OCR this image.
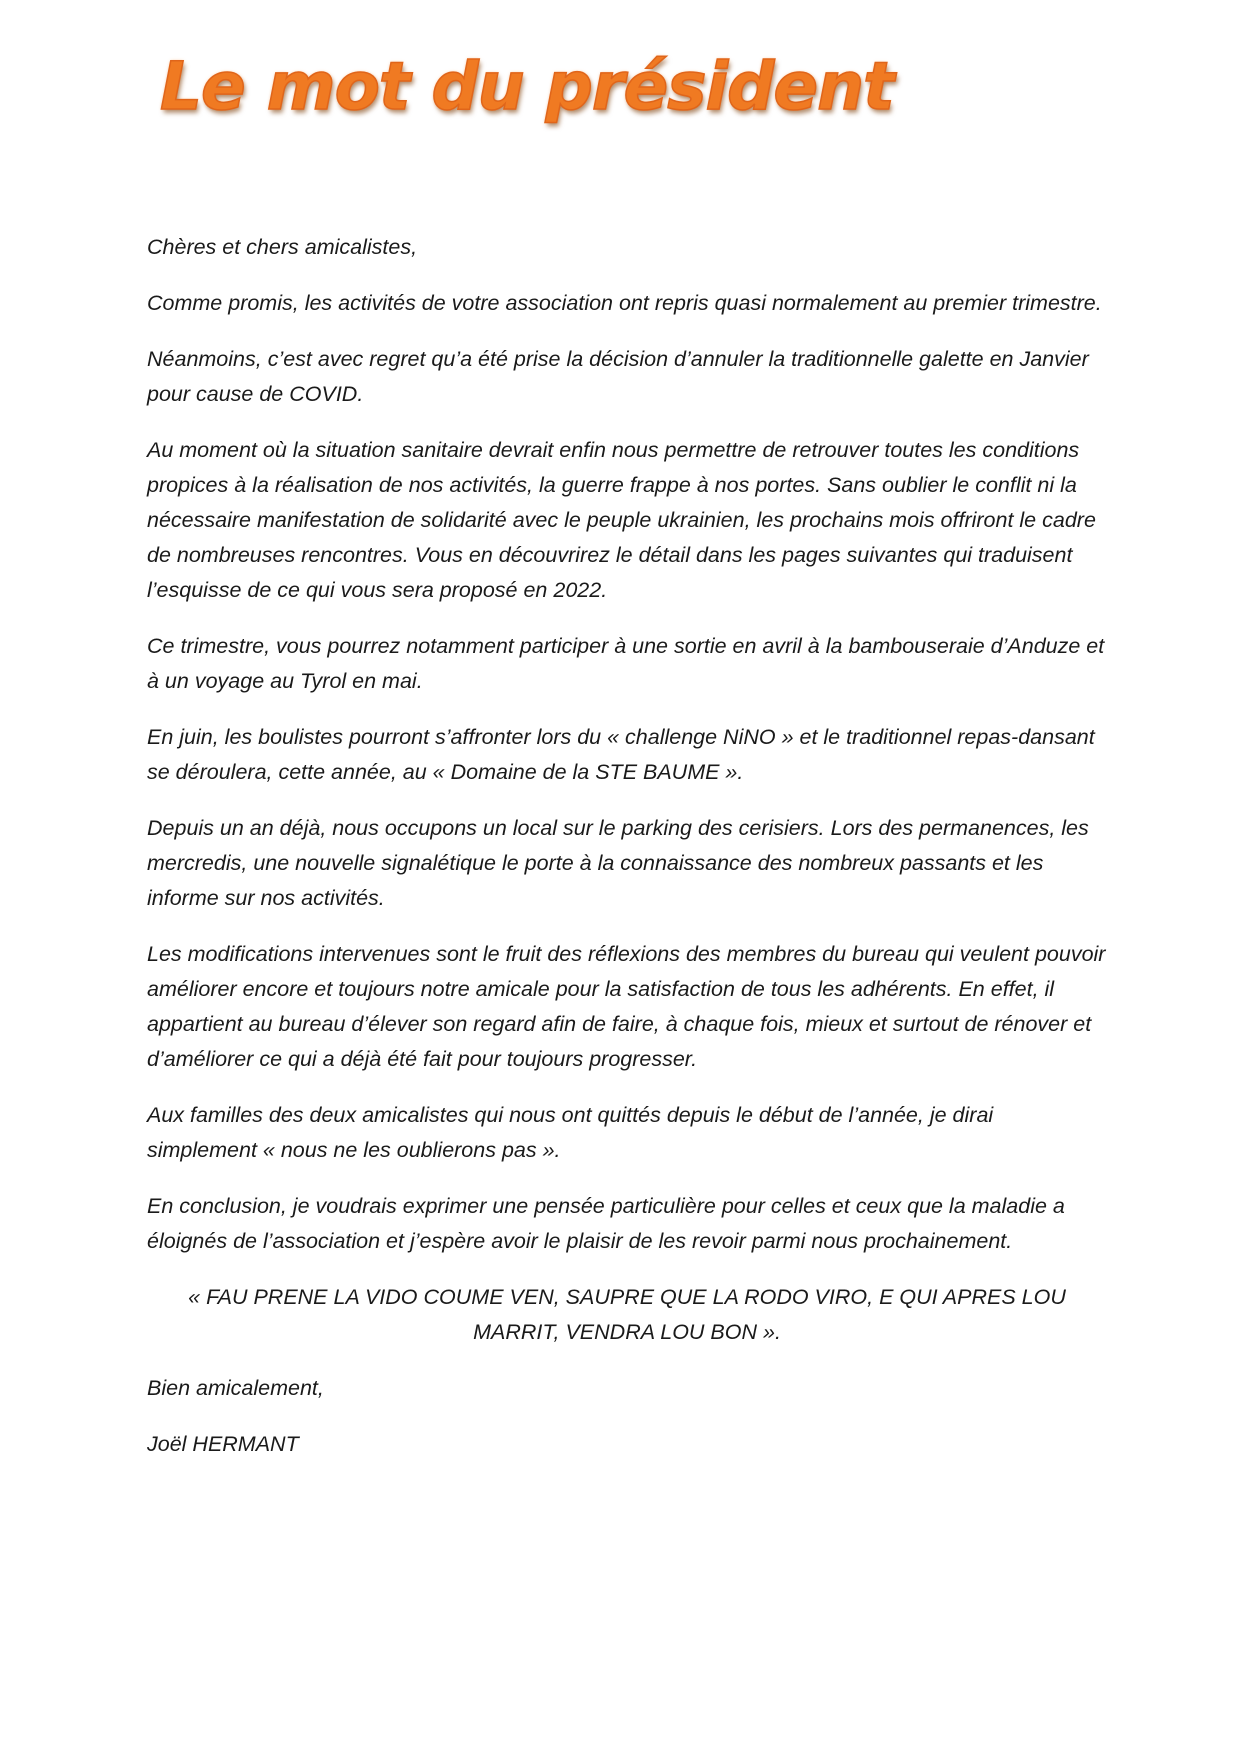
Le mot du président

Chères et chers amicalistes,

Comme promis, les activités de votre association ont repris quasi normalement au premier trimestre.

Néanmoins, c’est avec regret qu’a été prise la décision d’annuler la traditionnelle galette en Janvier pour cause de COVID.

Au moment où la situation sanitaire devrait enfin nous permettre de retrouver toutes les conditions propices à la réalisation de nos activités, la guerre frappe à nos portes. Sans oublier le conflit ni la nécessaire manifestation de solidarité avec le peuple ukrainien, les prochains mois offriront le cadre de nombreuses rencontres. Vous en découvrirez le détail dans les pages suivantes qui traduisent l’esquisse de ce qui vous sera proposé en 2022.

Ce trimestre, vous pourrez notamment participer à une sortie en avril à la bambouseraie d’Anduze et à un voyage au Tyrol en mai.

En juin, les boulistes pourront s’affronter lors du « challenge NiNO » et le traditionnel repas-dansant se déroulera, cette année, au « Domaine de la STE BAUME ».

Depuis un an déjà, nous occupons un local sur le parking des cerisiers. Lors des permanences, les mercredis, une nouvelle signalétique le porte à la connaissance des nombreux passants et les informe sur nos activités.

Les modifications intervenues sont le fruit des réflexions des membres du bureau qui veulent pouvoir améliorer encore et toujours notre amicale pour la satisfaction de tous les adhérents. En effet, il appartient au bureau d’élever son regard afin de faire, à chaque fois, mieux et surtout de rénover et d’améliorer ce qui a déjà été fait pour toujours progresser.

Aux familles des deux amicalistes qui nous ont quittés depuis le début de l’année, je dirai simplement « nous ne les oublierons pas ».

En conclusion, je voudrais exprimer une pensée particulière pour celles et ceux que la maladie a éloignés de l’association et j’espère avoir le plaisir de les revoir parmi nous prochainement.

« FAU PRENE LA VIDO COUME VEN, SAUPRE QUE LA RODO VIRO, E QUI APRES LOU MARRIT, VENDRA LOU BON ».

Bien amicalement,

Joël HERMANT
